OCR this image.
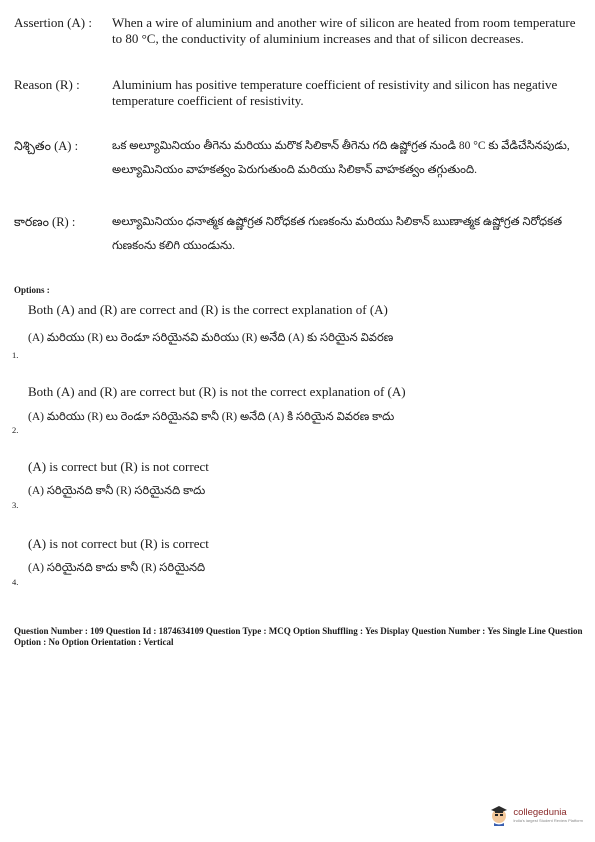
Assertion (A) :	When a wire of aluminium and another wire of silicon are heated from room temperature to 80 °C, the conductivity of aluminium increases and that of silicon decreases.
Reason (R) :	Aluminium has positive temperature coefficient of resistivity and silicon has negative temperature coefficient of resistivity.
నిశ్చితం (A) :	ఒక అల్యూమినియం తీగెను మరియు మరొక సిలికాన్ తీగెను గది ఉష్ణోగ్రత నుండి 80 °C కు వేడిచేసినపుడు, అల్యూమినియం వాహకత్వం పెరుగుతుంది మరియు సిలికాన్ వాహకత్వం తగ్గుతుంది.
కారణం (R) :	అల్యూమినియం ధనాత్మక ఉష్ణోగ్రత నిరోధకత గుణకంను మరియు సిలికాన్ ఋణాత్మక ఉష్ణోగ్రత నిరోధకత గుణకంను కలిగి యుండును.
Options :
Both (A) and (R) are correct and (R) is the correct explanation of (A)
(A) మరియు (R) లు రెండూ సరియైనవి మరియు (R) అనేది (A) కు సరియైన వివరణ
1.
Both (A) and (R) are correct but (R) is not the correct explanation of (A)
(A) మరియు (R) లు రెండూ సరియైనవి కానీ (R) అనేది (A) కి సరియైన వివరణ కాదు
2.
(A) is correct but (R) is not correct
(A) సరియైనది కానీ (R) సరియైనది కాదు
3.
(A) is not correct but (R) is correct
(A) సరియైనది కాదు కానీ (R) సరియైనది
4.
Question Number : 109 Question Id : 1874634109 Question Type : MCQ Option Shuffling : Yes Display Question Number : Yes Single Line Question Option : No Option Orientation : Vertical
collegedunia
India's largest Student Review Platform
